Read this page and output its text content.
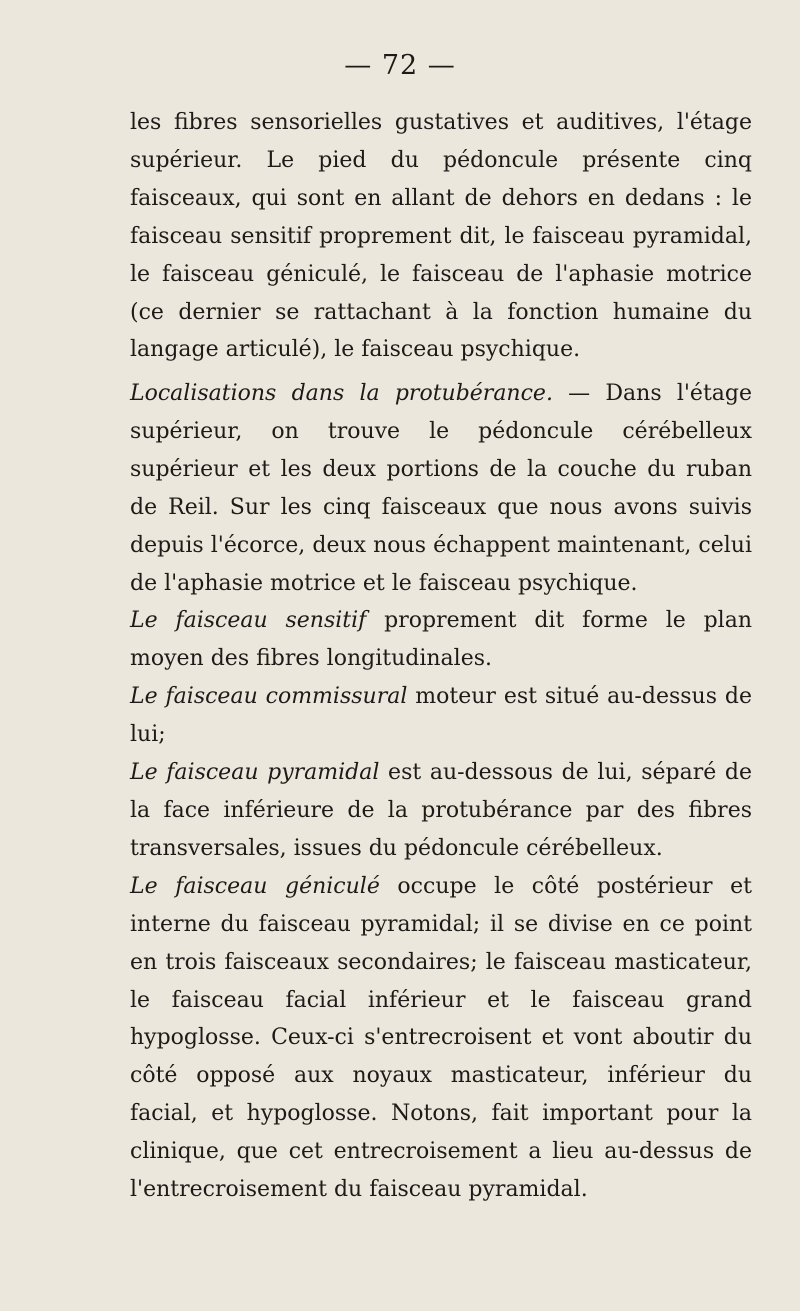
— 72 —

les fibres sensorielles gustatives et auditives, l'étage supérieur. Le pied du pédoncule présente cinq faisceaux, qui sont en allant de dehors en dedans : le faisceau sensitif proprement dit, le faisceau pyramidal, le faisceau géniculé, le faisceau de l'aphasie motrice (ce dernier se rattachant à la fonction humaine du langage articulé), le faisceau psychique.

Localisations dans la protubérance. — Dans l'étage supérieur, on trouve le pédoncule cérébelleux supérieur et les deux portions de la couche du ruban de Reil. Sur les cinq faisceaux que nous avons suivis depuis l'écorce, deux nous échappent maintenant, celui de l'aphasie motrice et le faisceau psychique.

Le faisceau sensitif proprement dit forme le plan moyen des fibres longitudinales.

Le faisceau commissural moteur est situé au-dessus de lui;

Le faisceau pyramidal est au-dessous de lui, séparé de la face inférieure de la protubérance par des fibres transversales, issues du pédoncule cérébelleux.

Le faisceau géniculé occupe le côté postérieur et interne du faisceau pyramidal; il se divise en ce point en trois faisceaux secondaires; le faisceau masticateur, le faisceau facial inférieur et le faisceau grand hypoglosse. Ceux-ci s'entrecroisent et vont aboutir du côté opposé aux noyaux masticateur, inférieur du facial, et hypoglosse. Notons, fait important pour la clinique, que cet entrecroisement a lieu au-dessus de l'entrecroisement du faisceau pyramidal.
